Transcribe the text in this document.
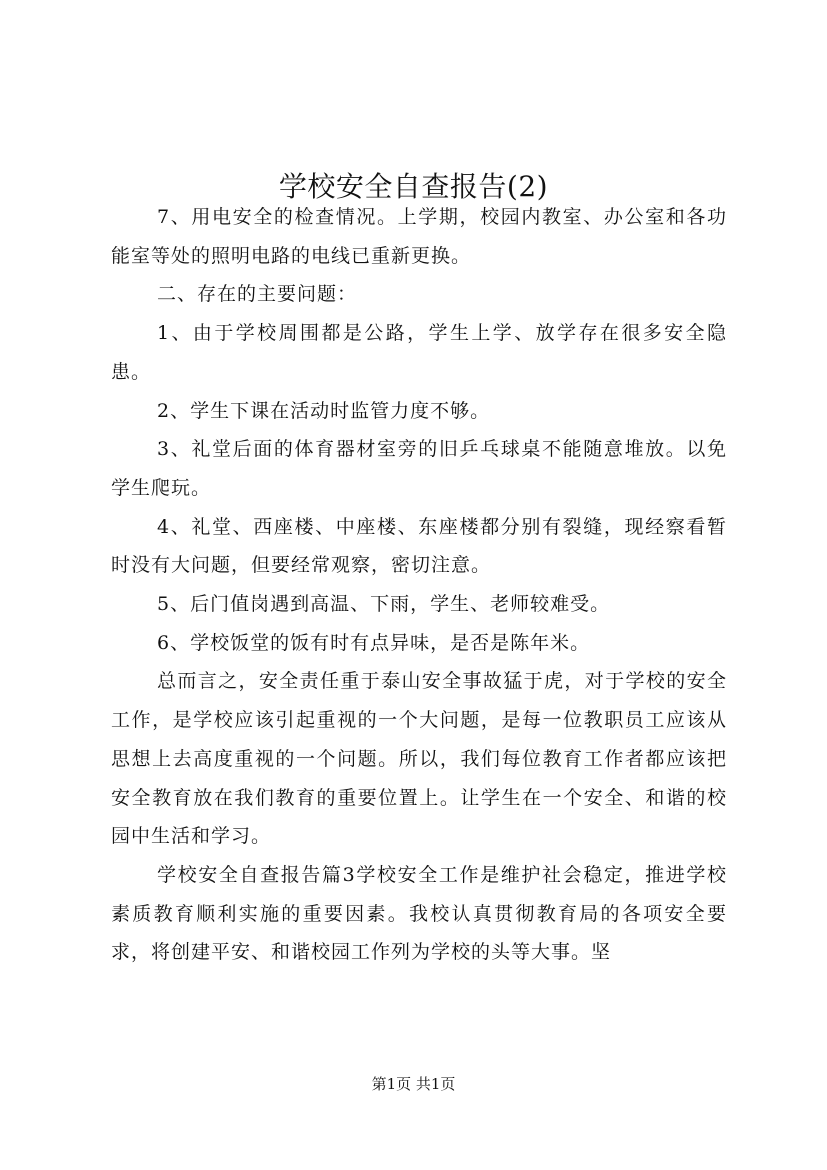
学校安全自查报告(2)

7、用电安全的检查情况。上学期，校园内教室、办公室和各功能室等处的照明电路的电线已重新更换。

二、存在的主要问题：

1、由于学校周围都是公路，学生上学、放学存在很多安全隐患。

2、学生下课在活动时监管力度不够。

3、礼堂后面的体育器材室旁的旧乒乓球桌不能随意堆放。以免学生爬玩。

4、礼堂、西座楼、中座楼、东座楼都分别有裂缝，现经察看暂时没有大问题，但要经常观察，密切注意。

5、后门值岗遇到高温、下雨，学生、老师较难受。

6、学校饭堂的饭有时有点异味，是否是陈年米。

总而言之，安全责任重于泰山安全事故猛于虎，对于学校的安全工作，是学校应该引起重视的一个大问题，是每一位教职员工应该从思想上去高度重视的一个问题。所以，我们每位教育工作者都应该把安全教育放在我们教育的重要位置上。让学生在一个安全、和谐的校园中生活和学习。

学校安全自查报告篇3学校安全工作是维护社会稳定，推进学校素质教育顺利实施的重要因素。我校认真贯彻教育局的各项安全要求，将创建平安、和谐校园工作列为学校的头等大事。坚

第1页 共1页
